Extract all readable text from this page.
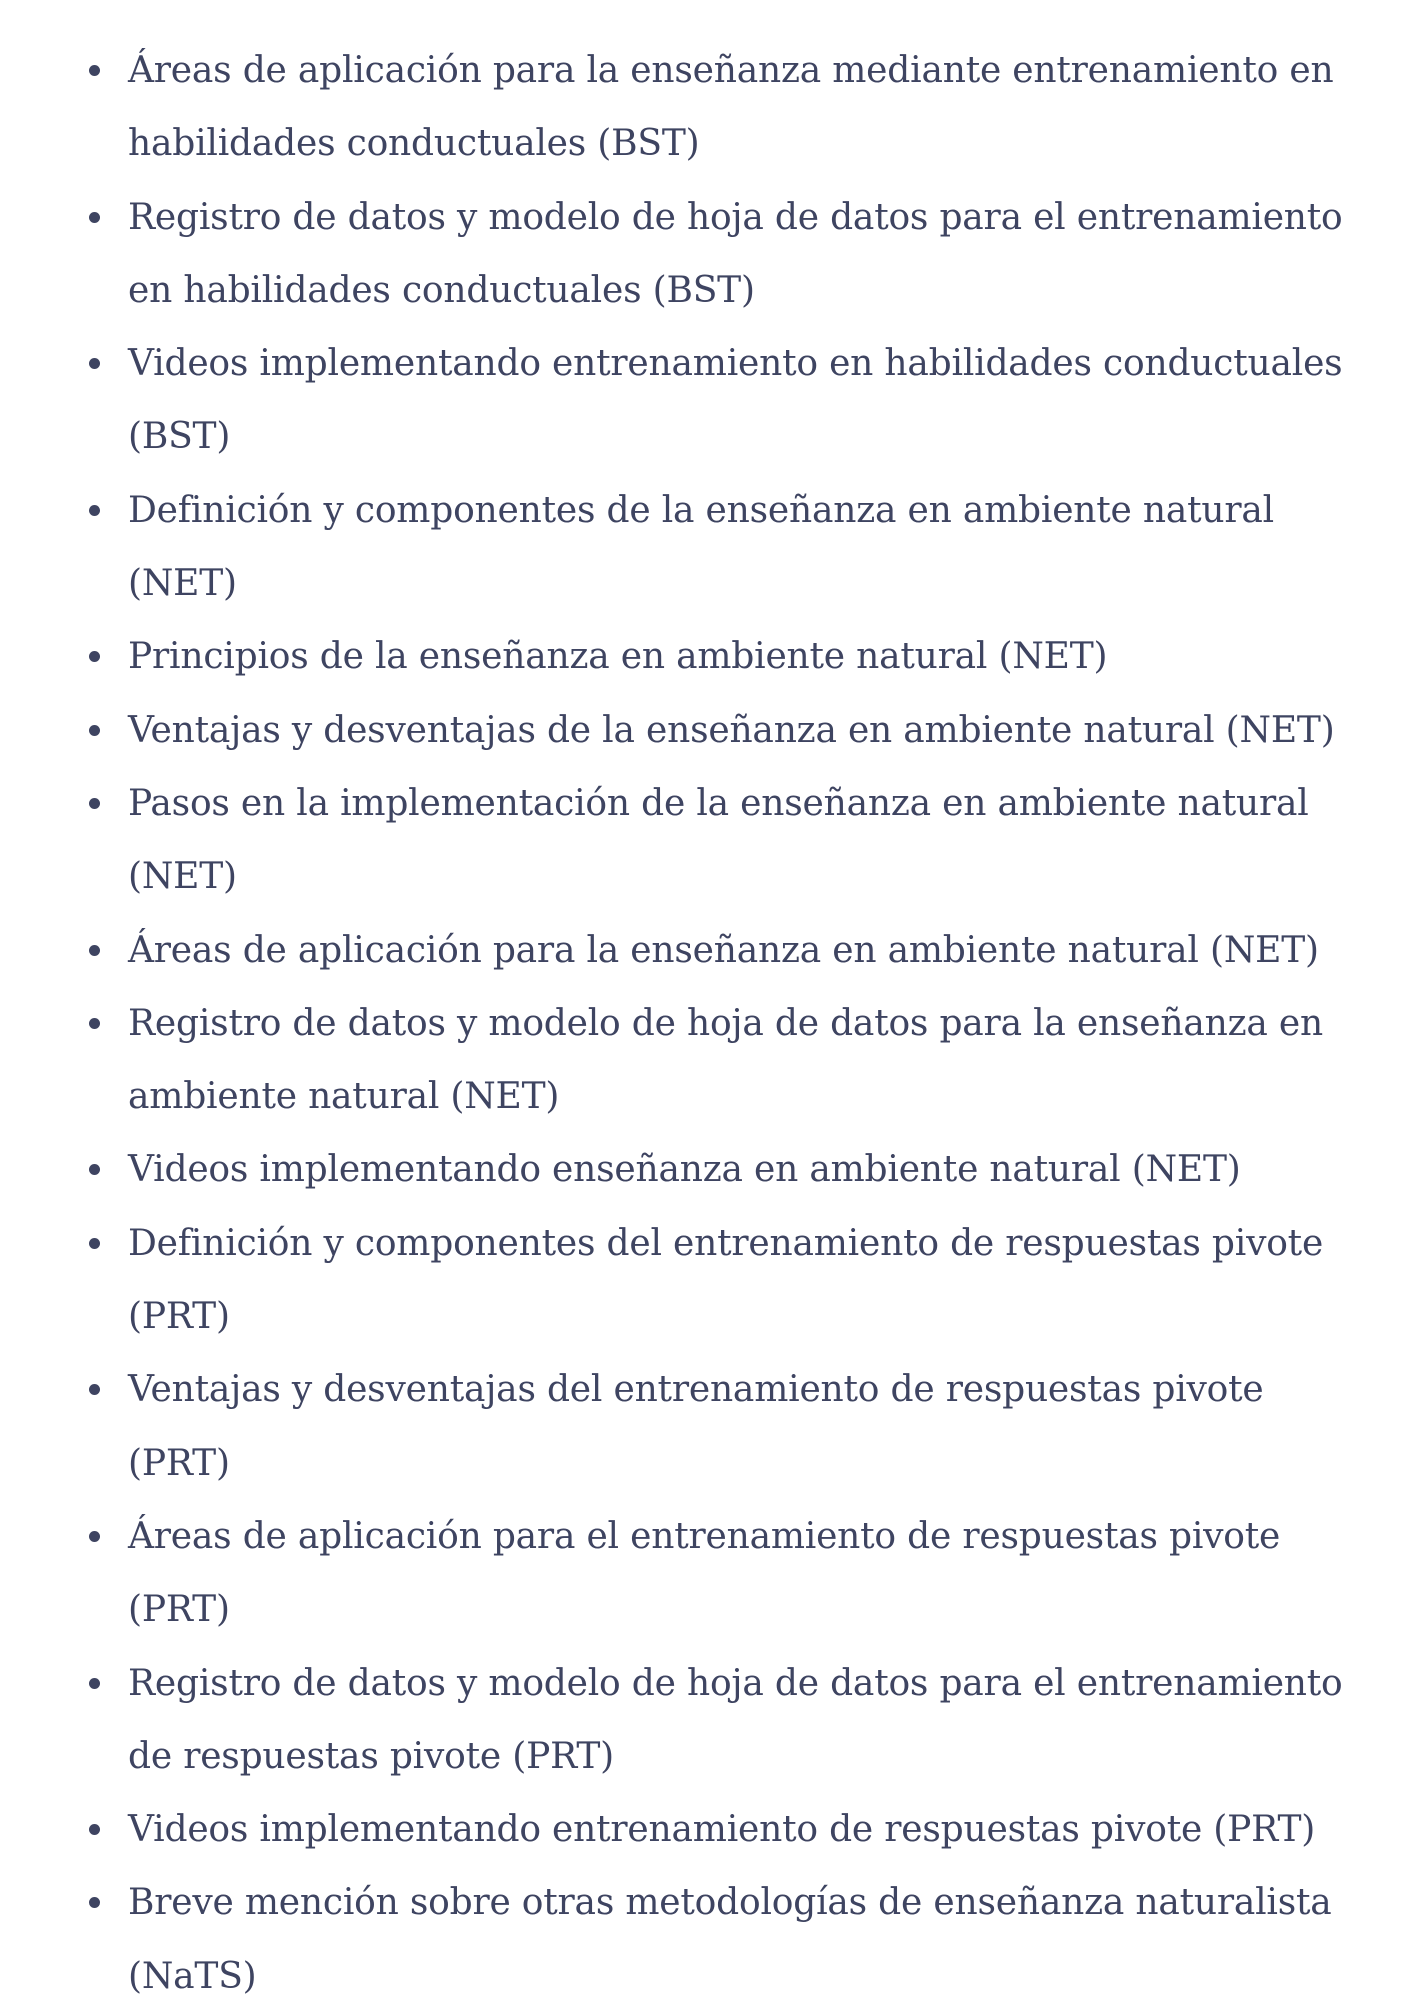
Áreas de aplicación para la enseñanza mediante entrenamiento en habilidades conductuales (BST)
Registro de datos y modelo de hoja de datos para el entrenamiento en habilidades conductuales (BST)
Videos implementando entrenamiento en habilidades conductuales (BST)
Definición y componentes de la enseñanza en ambiente natural (NET)
Principios de la enseñanza en ambiente natural (NET)
Ventajas y desventajas de la enseñanza en ambiente natural (NET)
Pasos en la implementación de la enseñanza en ambiente natural (NET)
Áreas de aplicación para la enseñanza en ambiente natural (NET)
Registro de datos y modelo de hoja de datos para la enseñanza en ambiente natural (NET)
Videos implementando enseñanza en ambiente natural (NET)
Definición y componentes del entrenamiento de respuestas pivote (PRT)
Ventajas y desventajas del entrenamiento de respuestas pivote (PRT)
Áreas de aplicación para el entrenamiento de respuestas pivote (PRT)
Registro de datos y modelo de hoja de datos para el entrenamiento de respuestas pivote (PRT)
Videos implementando entrenamiento de respuestas pivote (PRT)
Breve mención sobre otras metodologías de enseñanza naturalista (NaTS)
